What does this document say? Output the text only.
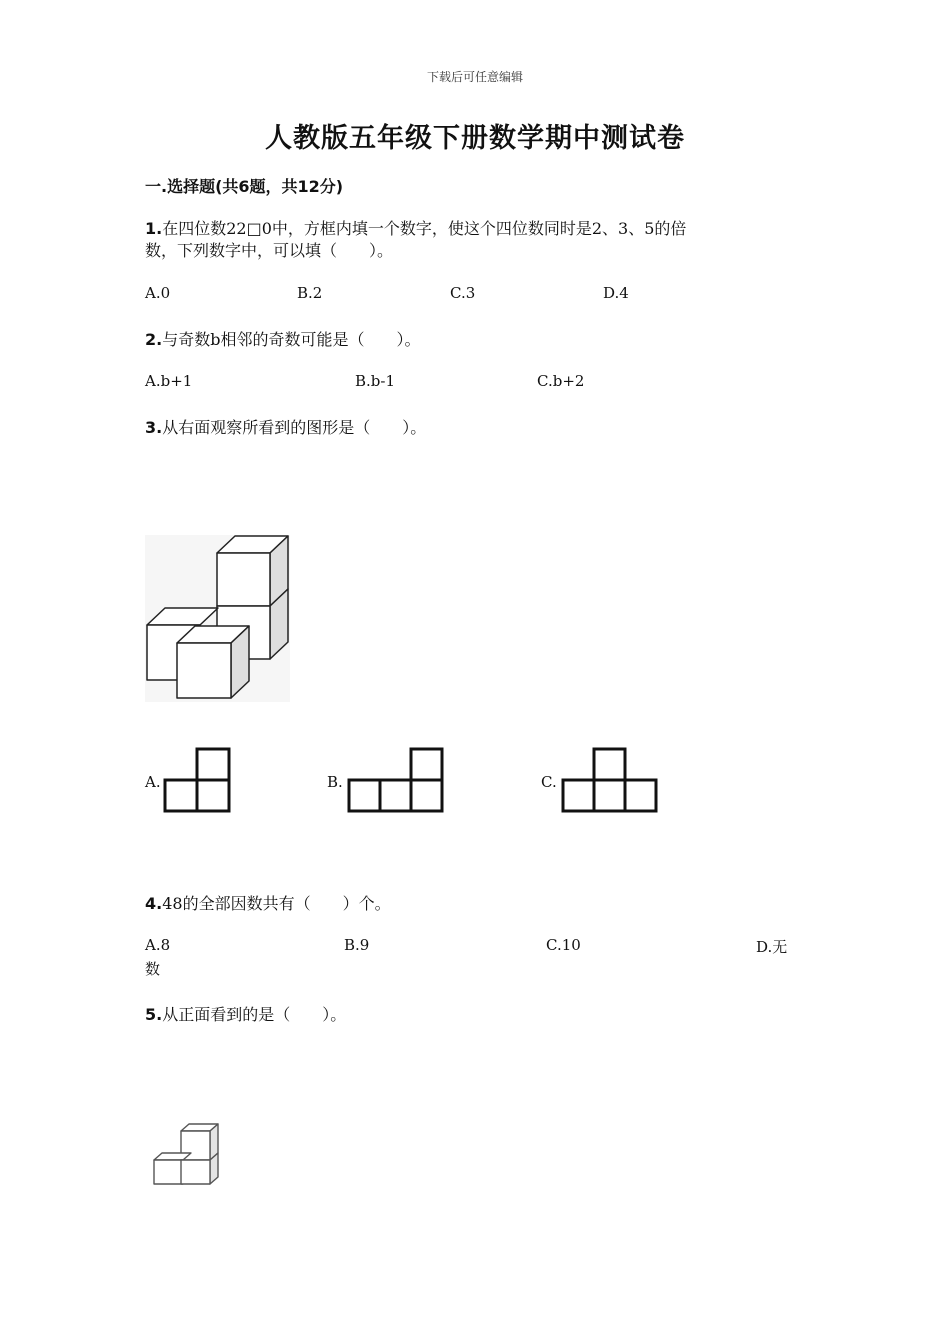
下载后可任意编辑
人教版五年级下册数学期中测试卷
一.选择题(共6题，共12分)
1.在四位数22□0中，方框内填一个数字，使这个四位数同时是2、3、5的倍
数，下列数字中，可以填（　　）。
A.0	B.2	C.3	D.4
2.与奇数b相邻的奇数可能是（　　）。
A.b+1	B.b-1	C.b+2
3.从右面观察所看到的图形是（　　）。
A.	B.	C.
4.48的全部因数共有（　　）个。
A.8	B.9	C.10	D.无
数
5.从正面看到的是（　　）。
